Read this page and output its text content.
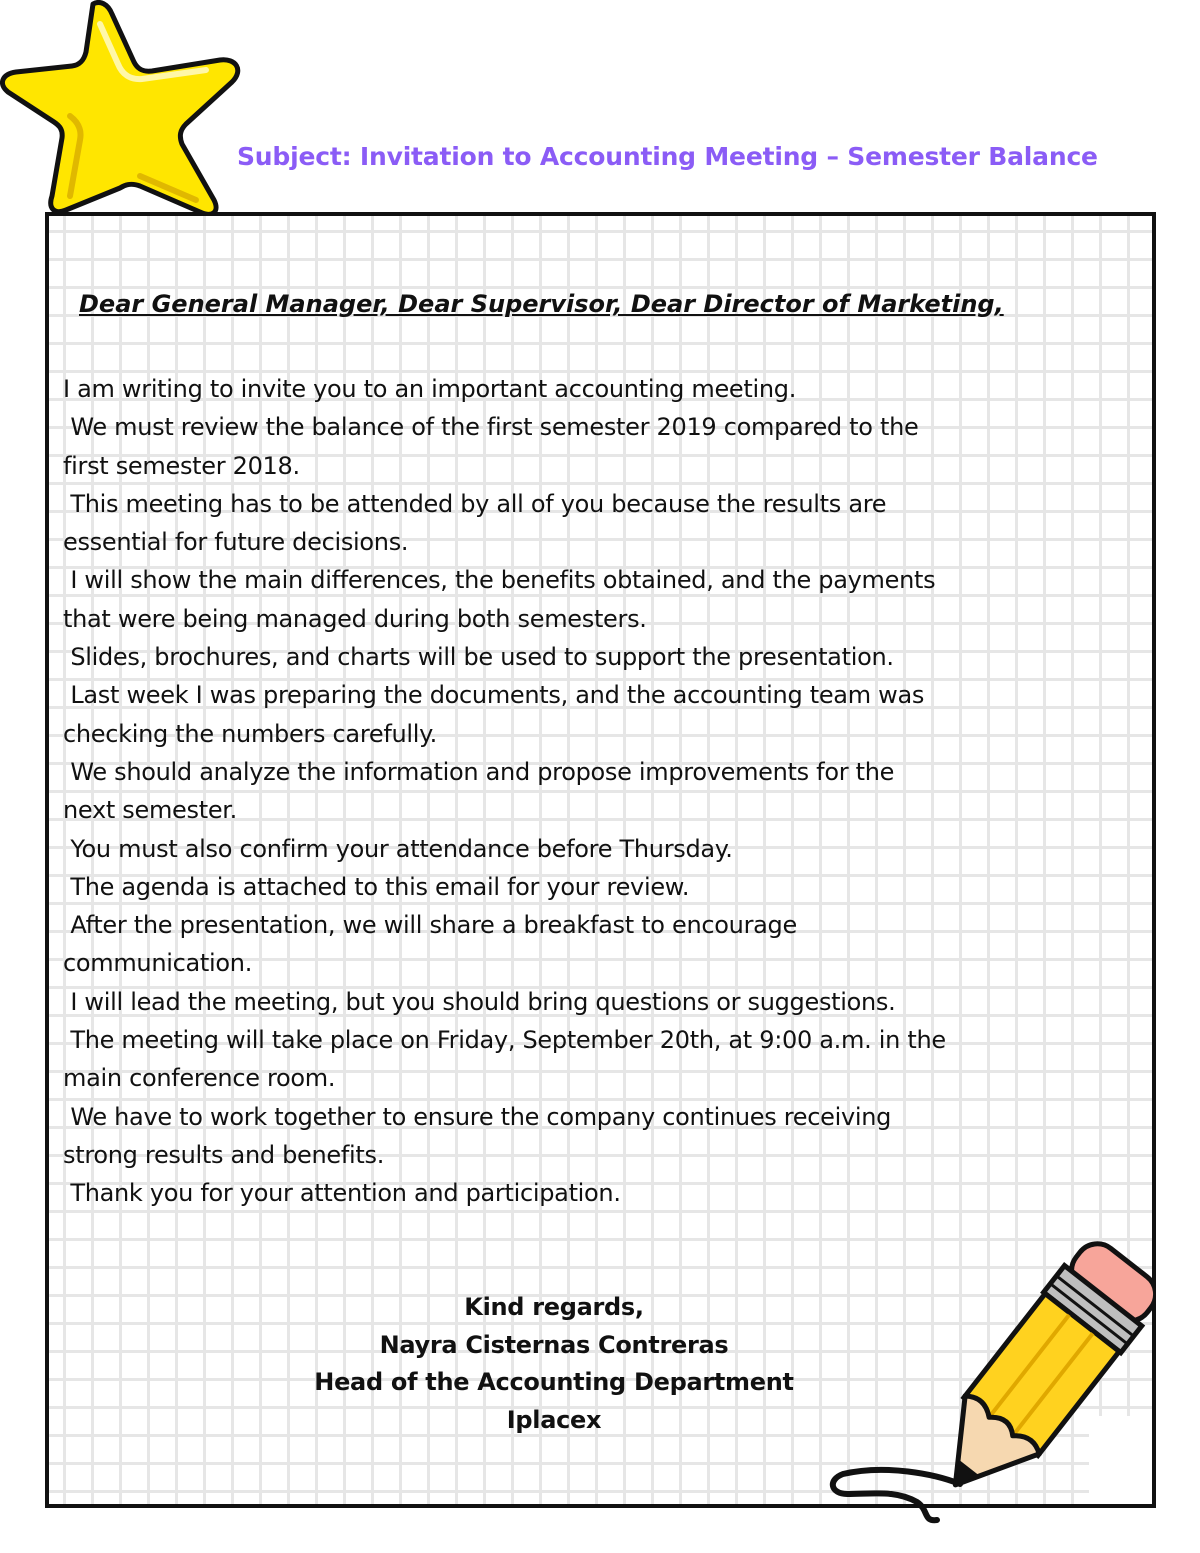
Subject: Invitation to Accounting Meeting – Semester Balance
Dear General Manager, Dear Supervisor, Dear Director of Marketing,
I am writing to invite you to an important accounting meeting.
We must review the balance of the first semester 2019 compared to the
first semester 2018.
This meeting has to be attended by all of you because the results are
essential for future decisions.
I will show the main differences, the benefits obtained, and the payments
that were being managed during both semesters.
Slides, brochures, and charts will be used to support the presentation.
Last week I was preparing the documents, and the accounting team was
checking the numbers carefully.
We should analyze the information and propose improvements for the
next semester.
You must also confirm your attendance before Thursday.
The agenda is attached to this email for your review.
After the presentation, we will share a breakfast to encourage
communication.
I will lead the meeting, but you should bring questions or suggestions.
The meeting will take place on Friday, September 20th, at 9:00 a.m. in the
main conference room.
We have to work together to ensure the company continues receiving
strong results and benefits.
Thank you for your attention and participation.
Kind regards,
Nayra Cisternas Contreras
Head of the Accounting Department
Iplacex
